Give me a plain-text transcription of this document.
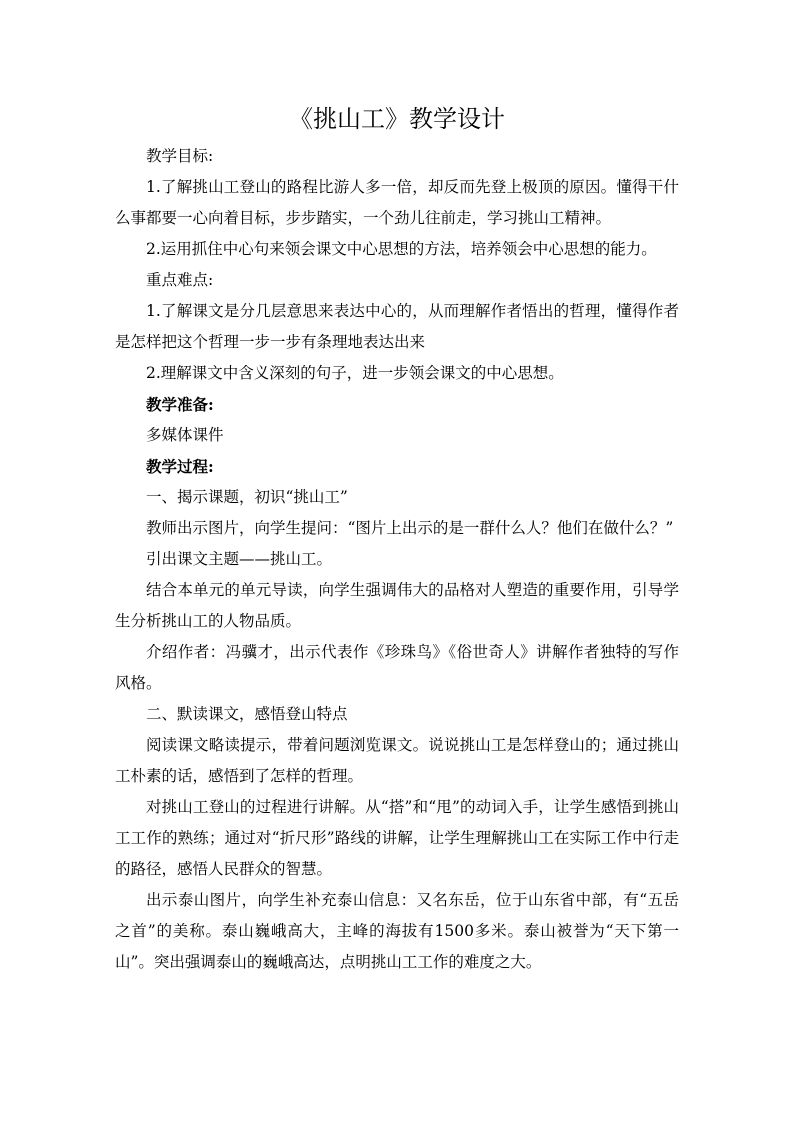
《挑山工》教学设计

教学目标:

1.了解挑山工登山的路程比游人多一倍，却反而先登上极顶的原因。懂得干什么事都要一心向着目标，步步踏实，一个劲儿往前走，学习挑山工精神。

2.运用抓住中心句来领会课文中心思想的方法，培养领会中心思想的能力。

重点难点:

1.了解课文是分几层意思来表达中心的，从而理解作者悟出的哲理，懂得作者是怎样把这个哲理一步一步有条理地表达出来

2.理解课文中含义深刻的句子，进一步领会课文的中心思想。

教学准备:

多媒体课件

教学过程:

一、揭示课题，初识“挑山工”

教师出示图片，向学生提问：“图片上出示的是一群什么人？他们在做什么？”

引出课文主题——挑山工。

结合本单元的单元导读，向学生强调伟大的品格对人塑造的重要作用，引导学生分析挑山工的人物品质。

介绍作者：冯骥才，出示代表作《珍珠鸟》《俗世奇人》讲解作者独特的写作风格。

二、默读课文，感悟登山特点

阅读课文略读提示，带着问题浏览课文。说说挑山工是怎样登山的；通过挑山工朴素的话，感悟到了怎样的哲理。

对挑山工登山的过程进行讲解。从“搭”和“甩”的动词入手，让学生感悟到挑山工工作的熟练；通过对“折尺形”路线的讲解，让学生理解挑山工在实际工作中行走的路径，感悟人民群众的智慧。

出示泰山图片，向学生补充泰山信息：又名东岳，位于山东省中部，有“五岳之首”的美称。泰山巍峨高大，主峰的海拔有1500多米。泰山被誉为“天下第一山”。突出强调泰山的巍峨高达，点明挑山工工作的难度之大。
